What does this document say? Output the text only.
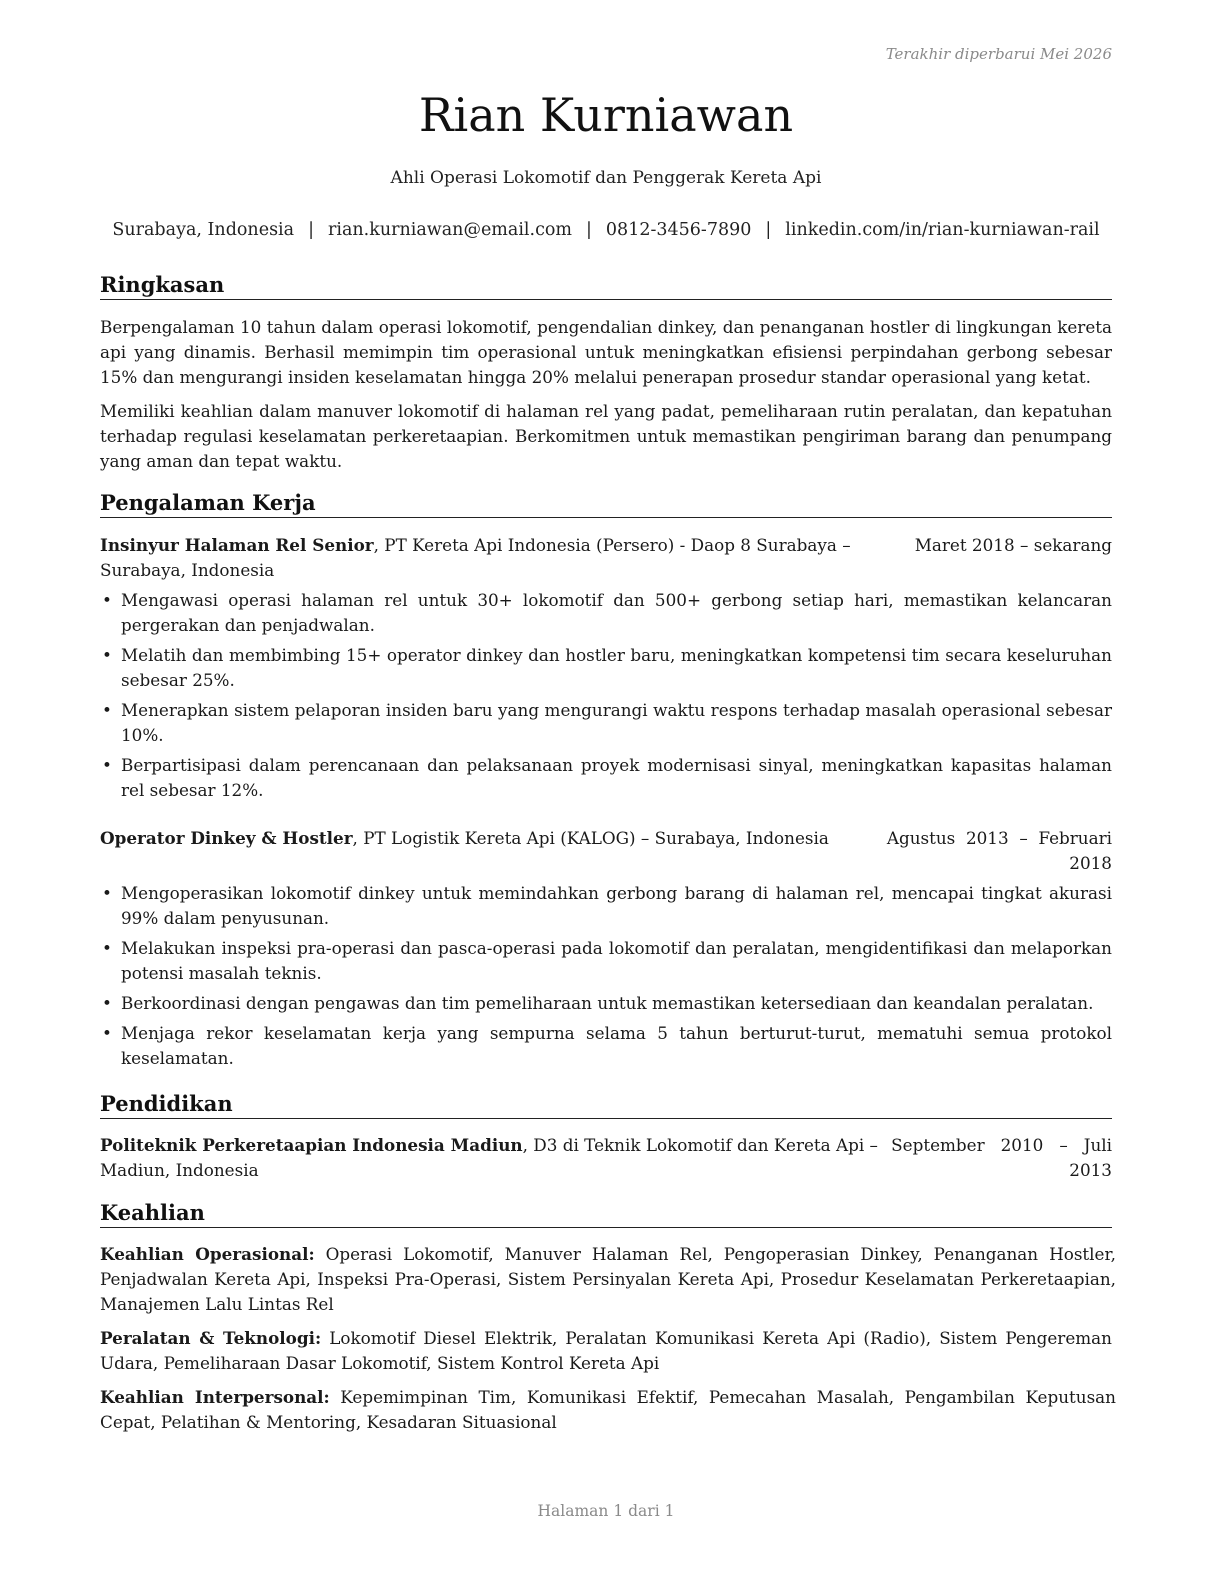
Terakhir diperbarui Mei 2026
Rian Kurniawan
Ahli Operasi Lokomotif dan Penggerak Kereta Api
Surabaya, Indonesia | rian.kurniawan@email.com | 0812-3456-7890 | linkedin.com/in/rian-kurniawan-rail
Ringkasan

Berpengalaman 10 tahun dalam operasi lokomotif, pengendalian dinkey, dan penanganan hostler di lingkungan kereta api yang dinamis. Berhasil memimpin tim operasional untuk meningkatkan efisiensi perpindahan gerbong sebesar 15% dan mengurangi insiden keselamatan hingga 20% melalui penerapan prosedur standar operasional yang ketat.

Memiliki keahlian dalam manuver lokomotif di halaman rel yang padat, pemeliharaan rutin peralatan, dan kepatuhan terhadap regulasi keselamatan perkeretaapian. Berkomitmen untuk memastikan pengiriman barang dan penumpang yang aman dan tepat waktu.

Pengalaman Kerja
Insinyur Halaman Rel Senior, PT Kereta Api Indonesia (Persero) - Daop 8 Surabaya –
Surabaya, Indonesia
Maret 2018 – sekarang
• Mengawasi operasi halaman rel untuk 30+ lokomotif dan 500+ gerbong setiap hari, memastikan kelancaran pergerakan dan penjadwalan.
• Melatih dan membimbing 15+ operator dinkey dan hostler baru, meningkatkan kompetensi tim secara keseluruhan sebesar 25%.
• Menerapkan sistem pelaporan insiden baru yang mengurangi waktu respons terhadap masalah operasional sebesar 10%.
• Berpartisipasi dalam perencanaan dan pelaksanaan proyek modernisasi sinyal, meningkatkan kapasitas halaman rel sebesar 12%.
Operator Dinkey & Hostler, PT Logistik Kereta Api (KALOG) – Surabaya, Indonesia	Agustus  2013  –  Februari
2018
• Mengoperasikan lokomotif dinkey untuk memindahkan gerbong barang di halaman rel, mencapai tingkat akurasi 99% dalam penyusunan.
• Melakukan inspeksi pra-operasi dan pasca-operasi pada lokomotif dan peralatan, mengidentifikasi dan melaporkan potensi masalah teknis.
• Berkoordinasi dengan pengawas dan tim pemeliharaan untuk memastikan ketersediaan dan keandalan peralatan.
• Menjaga rekor keselamatan kerja yang sempurna selama 5 tahun berturut-turut, mematuhi semua protokol keselamatan.
Pendidikan
Politeknik Perkeretaapian Indonesia Madiun, D3 di Teknik Lokomotif dan Kereta Api –
Madiun, Indonesia
September   2010   –   Juli
2013
Keahlian

Keahlian Operasional: Operasi Lokomotif, Manuver Halaman Rel, Pengoperasian Dinkey, Penanganan Hostler, Penjadwalan Kereta Api, Inspeksi Pra-Operasi, Sistem Persinyalan Kereta Api, Prosedur Keselamatan Perkeretaapian, Manajemen Lalu Lintas Rel

Peralatan & Teknologi: Lokomotif Diesel Elektrik, Peralatan Komunikasi Kereta Api (Radio), Sistem Pengereman Udara, Pemeliharaan Dasar Lokomotif, Sistem Kontrol Kereta Api

Keahlian Interpersonal: Kepemimpinan Tim, Komunikasi Efektif, Pemecahan Masalah, Pengambilan Keputusan Cepat, Pelatihan & Mentoring, Kesadaran Situasional

Halaman 1 dari 1
